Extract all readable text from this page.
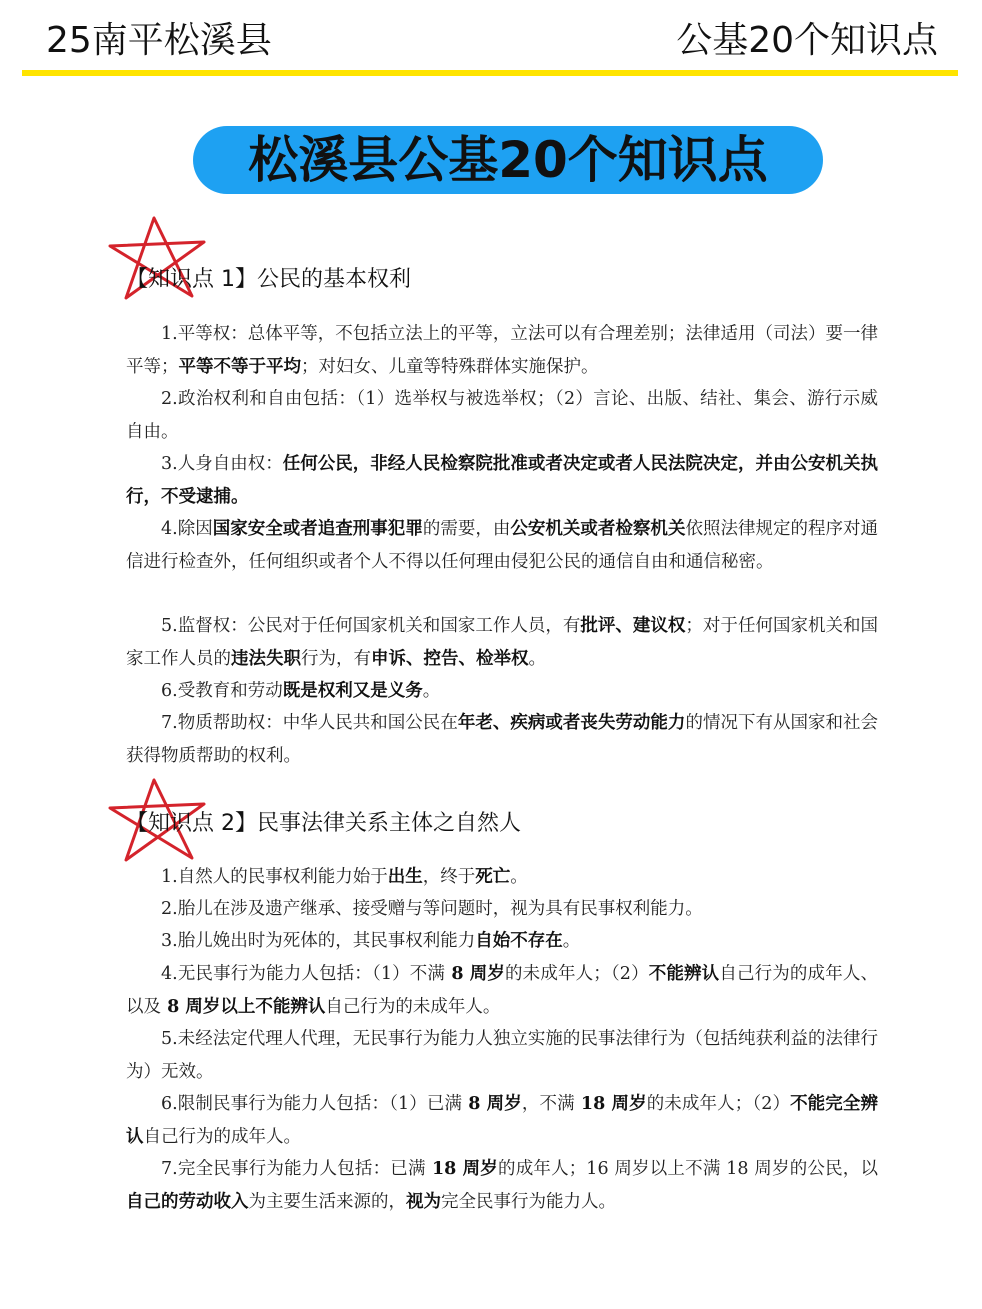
25南平松溪县	公基20个知识点
松溪县公基20个知识点
【知识点 1】公民的基本权利
1.平等权：总体平等，不包括立法上的平等，立法可以有合理差别；法律适用（司法）要一律平等；平等不等于平均；对妇女、儿童等特殊群体实施保护。
2.政治权利和自由包括：（1）选举权与被选举权；（2）言论、出版、结社、集会、游行示威自由。
3.人身自由权：任何公民，非经人民检察院批准或者决定或者人民法院决定，并由公安机关执行，不受逮捕。
4.除因国家安全或者追查刑事犯罪的需要，由公安机关或者检察机关依照法律规定的程序对通信进行检查外，任何组织或者个人不得以任何理由侵犯公民的通信自由和通信秘密。
5.监督权：公民对于任何国家机关和国家工作人员，有批评、建议权；对于任何国家机关和国家工作人员的违法失职行为，有申诉、控告、检举权。
6.受教育和劳动既是权利又是义务。
7.物质帮助权：中华人民共和国公民在年老、疾病或者丧失劳动能力的情况下有从国家和社会获得物质帮助的权利。
【知识点 2】民事法律关系主体之自然人
1.自然人的民事权利能力始于出生，终于死亡。
2.胎儿在涉及遗产继承、接受赠与等问题时，视为具有民事权利能力。
3.胎儿娩出时为死体的，其民事权利能力自始不存在。
4.无民事行为能力人包括：（1）不满 8 周岁的未成年人；（2）不能辨认自己行为的成年人、以及 8 周岁以上不能辨认自己行为的未成年人。
5.未经法定代理人代理，无民事行为能力人独立实施的民事法律行为（包括纯获利益的法律行为）无效。
6.限制民事行为能力人包括：（1）已满 8 周岁，不满 18 周岁的未成年人；（2）不能完全辨认自己行为的成年人。
7.完全民事行为能力人包括：已满 18 周岁的成年人；16 周岁以上不满 18 周岁的公民，以自己的劳动收入为主要生活来源的，视为完全民事行为能力人。
